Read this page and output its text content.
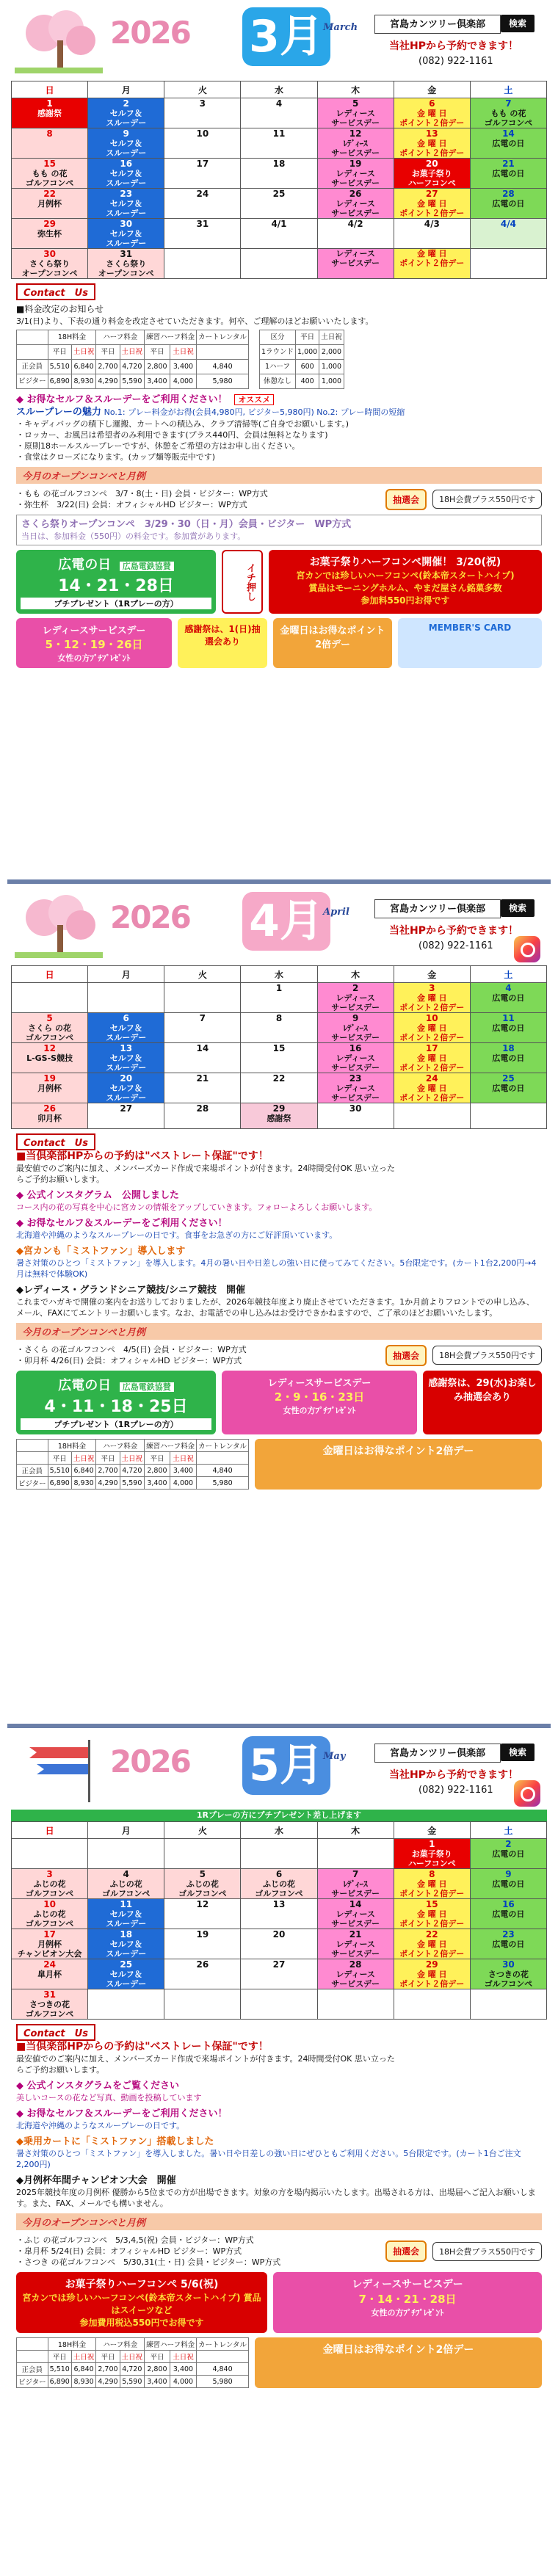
2026 3月 March	宮島カンツリー倶楽部	検索
当社HPから予約できます！
(082) 922-1161
日	月	火	水	木	金	土

1
感謝祭	2
セルフ＆
スルーデー	3	4	5
レディース
サービスデー	6
金 曜 日
ポイント２倍デー	7
もも の花
ゴルフコンペ

8	9
セルフ＆
スルーデー	10	11	12
ﾚﾃﾞｨｰｽ
サービスデー	13
金 曜 日
ポイント２倍デー	14
広電の日

15
もも の花
ゴルフコンペ	16
セルフ＆
スルーデー	17	18	19
レディース
サービスデー	20
お菓子祭り
ハーフコンペ	21
広電の日

22
月例杯	23
セルフ＆
スルーデー	24	25	26
レディース
サービスデー	27
金 曜 日
ポイント２倍デー	28
広電の日

29
弥生杯	30
セルフ＆
スルーデー	31	4/1	4/2	4/3	4/4

30
さくら祭り
オープンコンペ	31
さくら祭り
オープンコンペ			レディース
サービスデー	金 曜 日
ポイント２倍デー	

Contact　Us
■料金改定のお知らせ
3/1(日)より、下表の通り料金を改定させていただきます。何卒、ご理解のほどお願いいたします。
	18H料金		ハーフ料金		練習ハーフ料金		カートレンタル
	平日	土日祝	平日	土日祝	平日	土日祝	
正会員	5,510	6,840	2,700	4,720	2,800	3,400	4,840
ビジター	6,890	8,930	4,290	5,590	3,400	4,000	5,980
区分	平日	土日祝
1ラウンド	1,000	2,000
1ハーフ	600	1,000
休憩なし	400	1,000
◆ お得なセルフ＆スルーデーをご利用ください！ オススメ
スループレーの魅力 No.1: プレー料金がお得(会員4,980円, ビジター5,980円) No.2: プレー時間の短縮
・キャディバッグの積下し運搬、カートへの積込み、クラブ清掃等(ご自身でお願いします。)
・ロッカー、お風呂は希望者のみ利用できます(プラス440円、会員は無料となります)
・原則18ホールスループレーですが、休憩をご希望の方はお申し出ください。
・食堂はクローズになります。(カップ麺等販売中です)
今月のオープンコンペと月例
・もも の花ゴルフコンペ　3/7・8(土・日) 会員・ビジター：WP方式
・弥生杯　3/22(日) 会員：オフィシャルHD ビジター：WP方式	抽選会	18H会費プラス550円です
さくら祭りオープンコンペ　3/29・30（日・月）会員・ビジター　WP方式
当日は、参加料金（550円）の料金です。参加賞があります。
広電の日 広島電鉄協賛
14・21・28日
プチプレゼント（1Rプレーの方）
イチ押し
お菓子祭りハーフコンペ開催！ 3/20(祝)
宮カンでは珍しいハーフコンペ(鈴本帝スタートハイプ)
賞品はモーニングホルム、やまだ屋さん銘菓多数
参加料550円お得です
レディースサービスデー
5・12・19・26日
女性の方ﾌﾟﾁﾌﾟﾚｾﾞﾝﾄ
感謝祭は、1(日)抽選会あり
金曜日はお得なポイント2倍デー
MEMBER'S CARD
2026 4月 April	宮島カンツリー倶楽部	検索
当社HPから予約できます！
(082) 922-1161
日	月	火	水	木	金	土

			1	2
レディース
サービスデー	3
金 曜 日
ポイント２倍デー	4
広電の日

5
さくら の花
ゴルフコンペ	6
セルフ＆
スルーデー	7	8	9
ﾚﾃﾞｨｰｽ
サービスデー	10
金 曜 日
ポイント２倍デー	11
広電の日

12
L-GS-S競技	13
セルフ＆
スルーデー	14	15	16
レディース
サービスデー	17
金 曜 日
ポイント２倍デー	18
広電の日

19
月例杯	20
セルフ＆
スルーデー	21	22	23
レディース
サービスデー	24
金 曜 日
ポイント２倍デー	25
広電の日

26
卯月杯	27	28	29
感謝祭	30		

Contact　Us
■当倶楽部HPからの予約は"ベストレート保証"です！
最安値でのご案内に加え、メンバーズカード作成で来場ポイントが付きます。24時間受付OK 思い立ったらご予約お願いします。
◆ 公式インスタグラム　公開しました
コース内の花の写真を中心に宮カンの情報をアップしていきます。フォローよろしくお願いします。
◆ お得なセルフ＆スルーデーをご利用ください！
北海道や沖縄のようなスループレーの日です。食事をお急ぎの方にご好評頂いています。
◆宮カンも「ミストファン」導入します
暑さ対策のひとつ「ミストファン」を導入します。4月の暑い日や日差しの強い日に使ってみてください。5台限定です。(カート1台2,200円→4月は無料で体験OK)
◆レディース・グランドシニア競技/シニア競技　開催
これまでハガキで開催の案内をお送りしておりましたが、2026年競技年度より廃止させていただきます。1か月前よりフロントでの申し込み、メール、FAXにてエントリーお願いします。なお、お電話での申し込みはお受けできかねますので、ご了承のほどお願いいたします。
今月のオープンコンペと月例
・さくら の花ゴルフコンペ　4/5(日) 会員・ビジター：WP方式
・卯月杯 4/26(日) 会員：オフィシャルHD ビジター：WP方式	抽選会	18H会費プラス550円です
広電の日 広島電鉄協賛
4・11・18・25日
プチプレゼント（1Rプレーの方）
レディースサービスデー
2・9・16・23日
女性の方ﾌﾟﾁﾌﾟﾚｾﾞﾝﾄ
感謝祭は、29(水)お楽しみ抽選会あり
	18H料金		ハーフ料金		練習ハーフ料金		カートレンタル
	平日	土日祝	平日	土日祝	平日	土日祝	
正会員	5,510	6,840	2,700	4,720	2,800	3,400	4,840
ビジター	6,890	8,930	4,290	5,590	3,400	4,000	5,980
金曜日はお得なポイント2倍デー
2026 5月 May	宮島カンツリー倶楽部	検索
当社HPから予約できます！
(082) 922-1161
1Rプレーの方にプチプレゼント差し上げます
日	月	火	水	木	金	土

					1
お菓子祭り
ハーフコンペ	2
広電の日

3
ふじの花
ゴルフコンペ	4
ふじの花
ゴルフコンペ	5
ふじの花
ゴルフコンペ	6
ふじの花
ゴルフコンペ	7
ﾚﾃﾞｨｰｽ
サービスデー	8
金 曜 日
ポイント２倍デー	9
広電の日

10
ふじの花
ゴルフコンペ	11
セルフ＆
スルーデー	12	13	14
レディース
サービスデー	15
金 曜 日
ポイント２倍デー	16
広電の日

17
月例杯
チャンピオン大会	18
セルフ＆
スルーデー	19	20	21
レディース
サービスデー	22
金 曜 日
ポイント２倍デー	23
広電の日

24
皐月杯	25
セルフ＆
スルーデー	26	27	28
レディース
サービスデー	29
金 曜 日
ポイント２倍デー	30
さつきの花
ゴルフコンペ

31
さつきの花
ゴルフコンペ						

Contact　Us
■当倶楽部HPからの予約は"ベストレート保証"です！
最安値でのご案内に加え、メンバーズカード作成で来場ポイントが付きます。24時間受付OK 思い立ったらご予約お願いします。
◆ 公式インスタグラムをご覧ください
美しいコースの花など写真、動画を投稿しています
◆ お得なセルフ＆スルーデーをご利用ください！
北海道や沖縄のようなスループレーの日です。
◆乗用カートに「ミストファン」搭載しました
暑さ対策のひとつ「ミストファン」を導入しました。暑い日や日差しの強い日にぜひともご利用ください。5台限定です。(カート1台ご注文2,200円)
◆月例杯年間チャンピオン大会　開催
2025年競技年度の月例杯 優勝から5位までの方が出場できます。対象の方を場内掲示いたします。出場される方は、出場届へご記入お願いします。また、FAX、メールでも構いません。
今月のオープンコンペと月例
・ふじ の花ゴルフコンペ　5/3,4,5(祝) 会員・ビジター：WP方式
・皐月杯 5/24(日) 会員：オフィシャルHD ビジター：WP方式
・さつき の花ゴルフコンペ　5/30,31(土・日) 会員・ビジター：WP方式
抽選会	18H会費プラス550円です
お菓子祭りハーフコンペ 5/6(祝)
宮カンでは珍しいハーフコンペ(鈴本帝スタートハイプ) 賞品はスイーツなど
参加費用税込550円でお得です
レディースサービスデー
7・14・21・28日
女性の方ﾌﾟﾁﾌﾟﾚｾﾞﾝﾄ
	18H料金		ハーフ料金		練習ハーフ料金		カートレンタル
	平日	土日祝	平日	土日祝	平日	土日祝	
正会員	5,510	6,840	2,700	4,720	2,800	3,400	4,840
ビジター	6,890	8,930	4,290	5,590	3,400	4,000	5,980
金曜日はお得なポイント2倍デー
